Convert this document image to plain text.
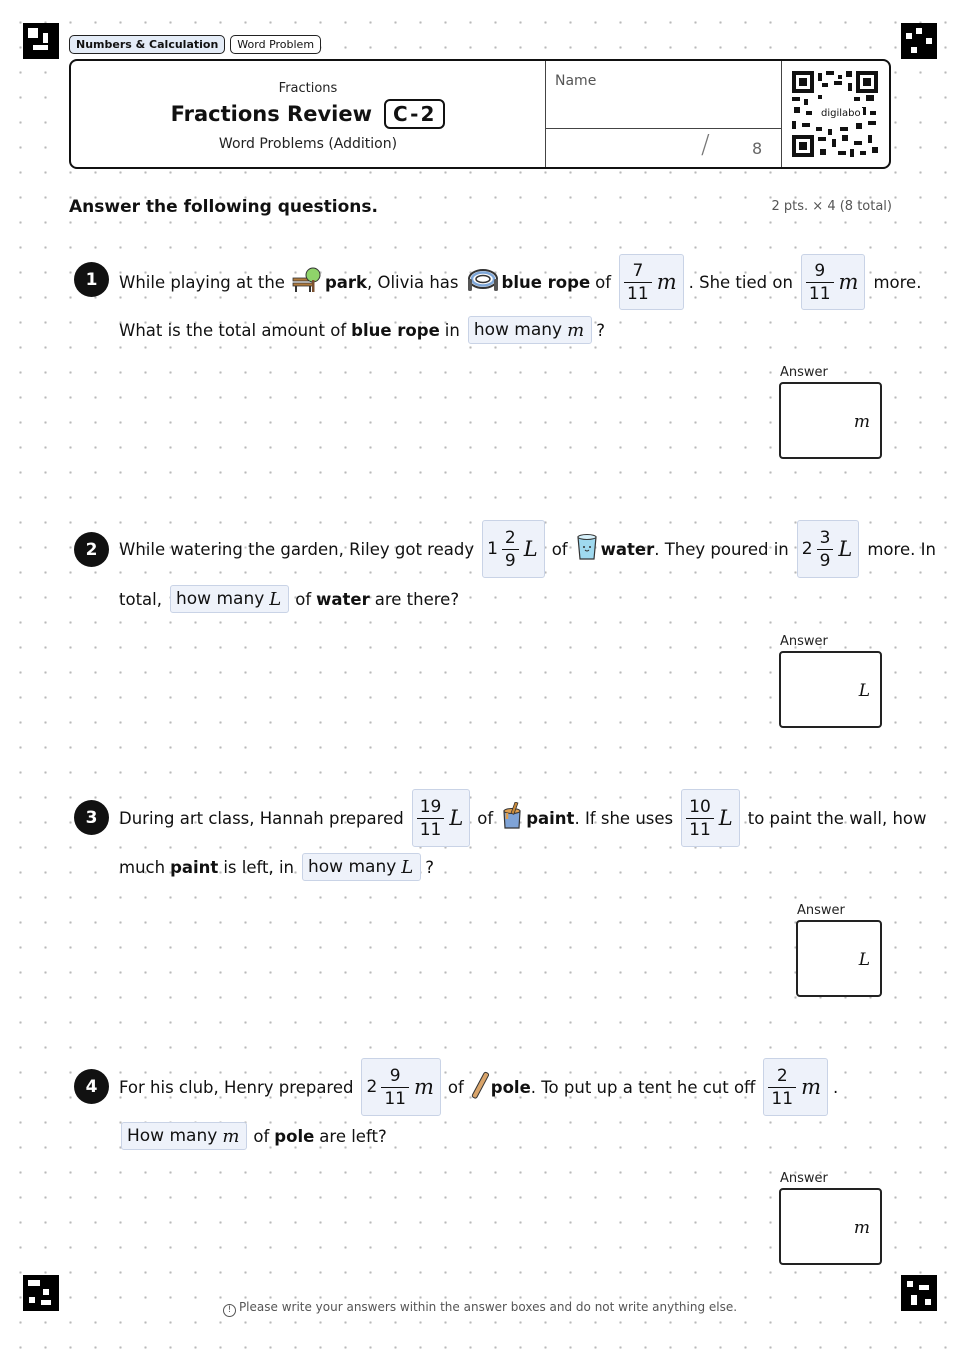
Numbers & Calculation	Word Problem
Fractions
Fractions Review	C-2
Word Problems (Addition)
Name
/	8
digilabo
Answer the following questions.	2 pts. × 4 (8 total)
1	While playing at the park , Olivia has	blue rope of $\frac{7}{11}$ m . She tied on $\frac{9}{11}$ m more.
What is the total amount of blue rope in how many m ?
Answer
m
2	While watering the garden, Riley got ready $1 \frac{2}{9}$ L of water . They poured in $2 \frac{3}{9}$ L more. In
total, how many L of water are there?
Answer
L
3	During art class, Hannah prepared $\frac{19}{11}$ L of paint . If she uses $\frac{10}{11}$ L to paint the wall, how
much paint is left, in how many L ?
Answer
L
4	For his club, Henry prepared $2 \frac{9}{11}$ m of pole . To put up a tent he cut off $\frac{2}{11}$ m .
How many m of pole are left?
Answer
m
! Please write your answers within the answer boxes and do not write anything else.
